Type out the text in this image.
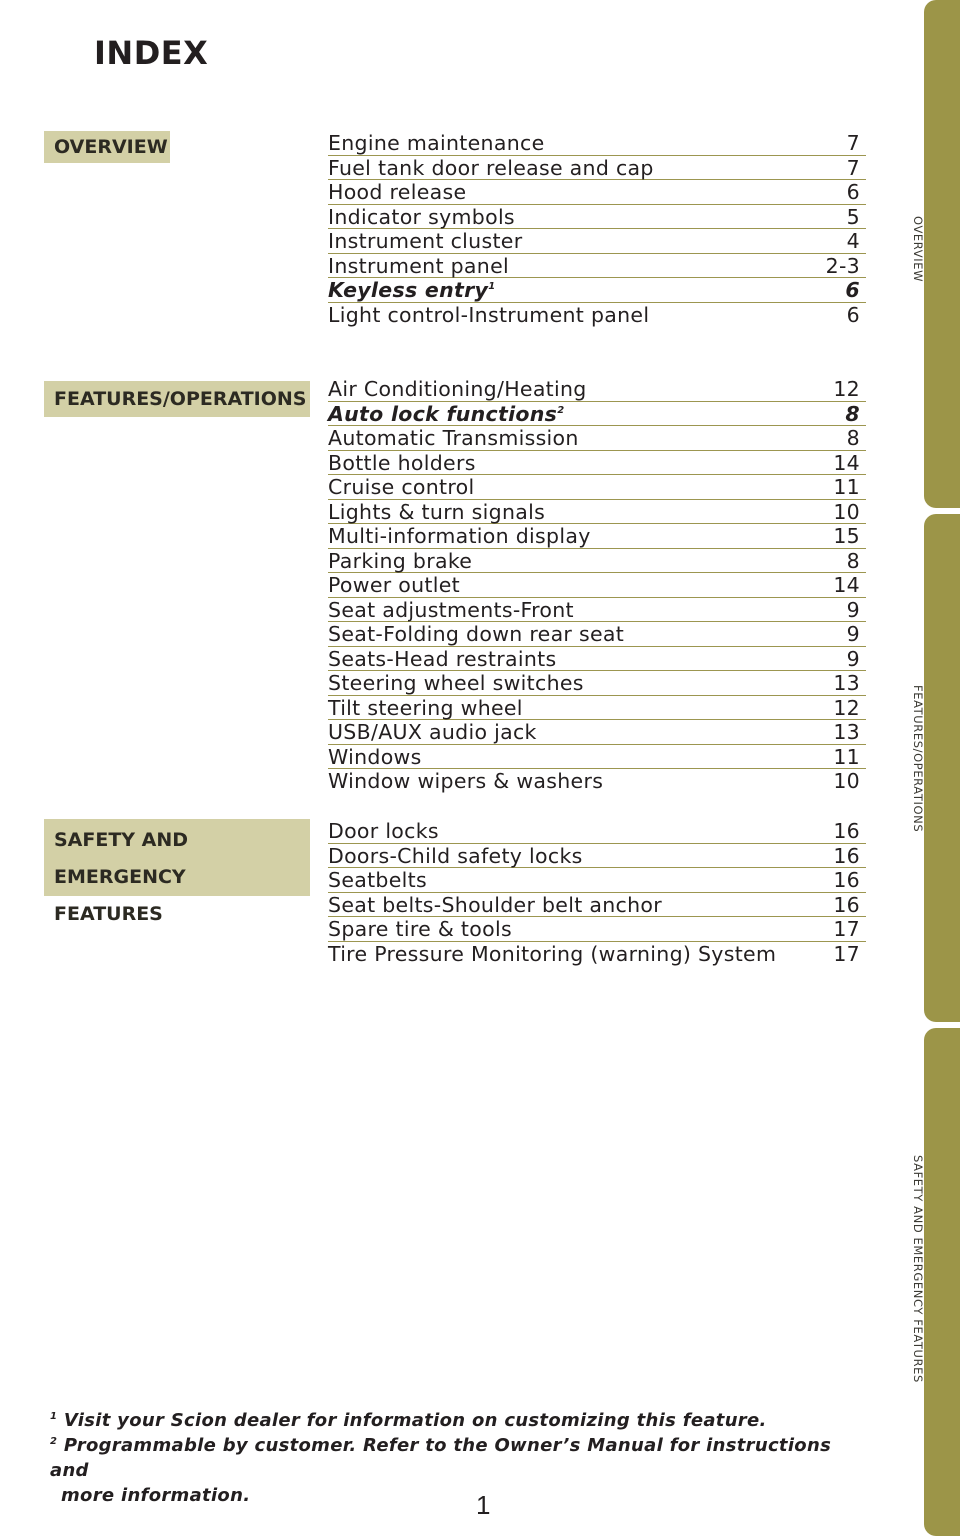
INDEX
OVERVIEW
FEATURES/OPERATIONS
SAFETY AND
EMERGENCY FEATURES
Engine maintenance	7
Fuel tank door release and cap	7
Hood release	6
Indicator symbols	5
Instrument cluster	4
Instrument panel	2-3
Keyless entry$^1$	6
Light control-Instrument panel	6
Air Conditioning/Heating	12
Auto lock functions$^2$	8
Automatic Transmission	8
Bottle holders	14
Cruise control	11
Lights & turn signals	10
Multi-information display	15
Parking brake	8
Power outlet	14
Seat adjustments-Front	9
Seat-Folding down rear seat	9
Seats-Head restraints	9
Steering wheel switches	13
Tilt steering wheel	12
USB/AUX audio jack	13
Windows	11
Window wipers & washers	10
Door locks	16
Doors-Child safety locks	16
Seatbelts	16
Seat belts-Shoulder belt anchor	16
Spare tire & tools	17
Tire Pressure Monitoring (warning) System	17
OVERVIEW
FEATURES/OPERATIONS
SAFETY AND EMERGENCY FEATURES
$^1$ Visit your Scion dealer for information on customizing this feature.
$^2$ Programmable by customer. Refer to the Owner’s Manual for instructions and
more information.	1
